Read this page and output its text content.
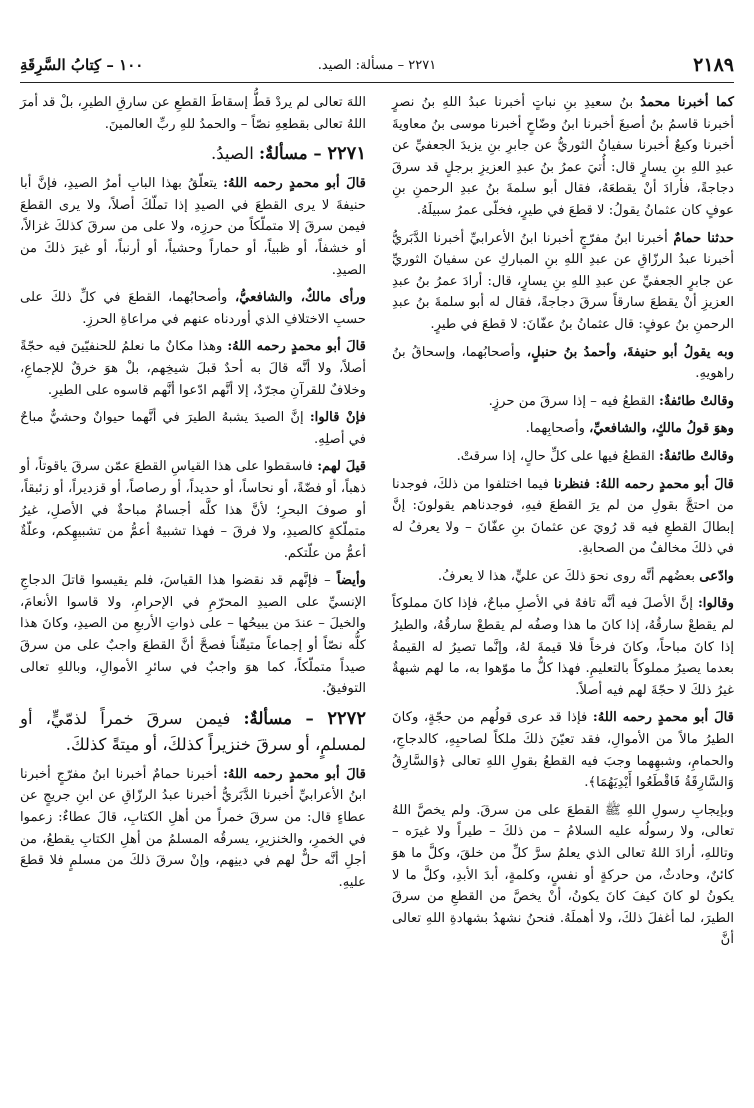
٢١٨٩
٢٢٧١ – مسألة: الصيد.
١٠٠ – كِتابُ السَّرِقَةِ

كما أخبرنا محمدُ بنُ سعيدِ بنِ نباتٍ أخبرنا عبدُ اللهِ بنُ نصرٍ أخبرنا قاسمُ بنُ أصبغَ أخبرنا ابنُ وضّاحٍ أخبرنا موسى بنُ معاويةَ أخبرنا وكيعٌ أخبرنا سفيانُ الثوريُّ عن جابرِ بنِ يزيدَ الجعفيِّ عن عبدِ اللهِ بنِ يسارٍ قال: أُتيَ عمرُ بنُ عبدِ العزيزِ برجلٍ قد سرقَ دجاجةً، فأرادَ أنْ يقطعَهُ، فقال أبو سلمةَ بنُ عبدِ الرحمنِ بنِ عوفٍ كان عثمانُ يقولُ: لا قطعَ في طيرٍ، فخلّى عمرُ سبيلَهُ.

حدثنا حمامٌ أخبرنا ابنُ مفرّجٍ أخبرنا ابنُ الأعرابيِّ أخبرنا الدَّبَريُّ أخبرنا عبدُ الرزّاقِ عن عبدِ اللهِ بنِ المباركِ عن سفيانَ الثوريِّ عن جابرٍ الجعفيِّ عن عبدِ اللهِ بنِ يسارٍ، قال: أرادَ عمرُ بنُ عبدِ العزيزِ أنْ يقطعَ سارقاً سرقَ دجاجةً، فقال له أبو سلمةَ بنُ عبدِ الرحمنِ بنُ عوفٍ: قال عثمانُ بنُ عفّانَ: لا قطعَ في طيرٍ.

وبه يقولُ أبو حنيفةَ، وأحمدُ بنُ حنبلٍ، وأصحابُهما، وإسحاقُ بنُ راهويهِ.

وقالتْ طائفةٌ: القطعُ فيه – إذا سرقَ من حرزٍ.

وهوَ قولُ مالكٍ، والشافعيِّ، وأصحابِهما.

وقالتْ طائفةٌ: القطعُ فيها على كلِّ حالٍ، إذا سرقتْ.

قالَ أبو محمدٍ رحمه اللهُ: فنظرنا فيما اختلفوا من ذلكَ، فوجدنا من احتجَّ بقولِ من لم يرَ القطعَ فيهِ، فوجدناهم يقولونَ: إنَّ إبطالَ القطعِ فيه قد رُويَ عن عثمانَ بنِ عفّانَ – ولا يعرفُ له في ذلكَ مخالفٌ من الصحابةِ.

وادّعى بعضُهم أنَّه روى نحوَ ذلكَ عن عليٍّ، هذا لا يعرفُ.

وقالوا: إنَّ الأصلَ فيه أنَّه تافهٌ في الأصلِ مباحٌ، فإذا كانَ مملوكاً لم يقطعْ سارقُهُ، إذا كانَ ما هذا وصفُه لم يقطعْ سارقُهُ، والطيرُ إذا كانَ مباحاً، وكانَ فرخاً فلا قيمةَ لهُ، وإنَّما تصيرُ له القيمةُ بعدما يصيرُ مملوكاً بالتعليمِ. فهذا كلُّ ما موّهوا به، ما لهم شبهةٌ غيرُ ذلكَ لا حجّةَ لهم فيه أصلاً.

قالَ أبو محمدٍ رحمه اللهُ: فإذا قد عرى قولُهم من حجّةٍ، وكانَ الطيرُ مالاً من الأموالِ، فقد تعيّنَ ذلكَ ملكاً لصاحبِهِ، كالدجاجِ، والحمامِ، وشبهِهما وجبَ فيه القطعُ بقولِ اللهِ تعالى ﴿وَالسَّارِقُ وَالسَّارِقَةُ فَاقْطَعُوا أَيْدِيَهُمَا﴾.

وبإيجابِ رسولِ اللهِ ﷺ القطعَ على من سرقَ. ولم يخصَّ اللهُ تعالى، ولا رسولُه عليه السلامُ – من ذلكَ – طيراً ولا غيرَه – وتاللهِ، أرادَ اللهُ تعالى الذي يعلمُ سرَّ كلِّ من خلقَ، وكلَّ ما هوَ كائنٌ، وحادثٌ، من حركةٍ أو نفسٍ، وكلمةٍ، أبدَ الأبدِ، وكلَّ ما لا يكونُ لو كانَ كيفَ كانَ يكونُ، أنْ يخصَّ من القطعِ من سرقَ الطيرَ، لما أغفلَ ذلكَ، ولا أهملَهُ. فنحنُ نشهدُ بشهادةِ اللهِ تعالى أنَّ

اللهَ تعالى لم يردْ قطُّ إسقاطَ القطعِ عن سارقِ الطيرِ، بلْ قد أمرَ اللهُ تعالى بقطعِهِ نصّاً – والحمدُ للهِ ربِّ العالمينَ.

٢٢٧١ – مسألةٌ: الصيدُ.

قالَ أبو محمدٍ رحمه اللهُ: يتعلّقُ بهذا البابِ أمرُ الصيدِ، فإنَّ أبا حنيفةَ لا يرى القطعَ في الصيدِ إذا تملّكَ أصلاً، ولا يرى القطعَ فيمن سرقَ إلا متملّكاً من حرزِه، ولا على من سرقَ كذلكَ غزالاً، أو خشفاً، أو ظبياً، أو حماراً وحشياً، أو أرنباً، أو غيرَ ذلكَ من الصيدِ.

ورأى مالكٌ، والشافعيُّ، وأصحابُهما، القطعَ في كلِّ ذلكَ على حسبِ الاختلافِ الذي أوردناه عنهم في مراعاةِ الحرزِ.

قالَ أبو محمدٍ رحمه اللهُ: وهذا مكانٌ ما نعلمُ للحنفيّينَ فيه حجّةً أصلاً، ولا أنَّه قالَ به أحدٌ قبلَ شيخِهم، بلْ هوَ خرقٌ للإجماعِ، وخلافٌ للقرآنِ مجرّدٌ، إلا أنَّهم ادّعوا أنَّهم قاسوه على الطيرِ.

فإنْ قالوا: إنَّ الصيدَ يشبهُ الطيرَ في أنَّهما حيوانٌ وحشيٌّ مباحٌ في أصلِهِ.

قيلَ لهم: فاسقطوا على هذا القياسِ القطعَ عمّن سرقَ ياقوتاً، أو ذهباً، أو فضّةً، أو نحاساً، أو حديداً، أو رصاصاً، أو قزديراً، أو زئبقاً، أو صوفَ البحرِ؛ لأنَّ هذا كلَّه أجسامٌ مباحةٌ في الأصلِ، غيرُ متملّكةٍ كالصيدِ، ولا فرقَ – فهذا تشبيهٌ أعمُّ من تشبيهِكم، وعلّةٌ أعمُّ من علّتكم.

وأيضاً – فإنَّهم قد نقضوا هذا القياسَ، فلم يقيسوا قاتلَ الدجاجِ الإنسيِّ على الصيدِ المحرّمِ في الإحرامِ، ولا قاسوا الأنعامَ، والخيلَ – عندَ من يبيحُها – على ذواتِ الأربعِ من الصيدِ، وكانَ هذا كلُّه نصّاً أو إجماعاً متيقّناً فصحَّ أنَّ القطعَ واجبٌ على من سرقَ صيداً متملّكاً، كما هوَ واجبٌ في سائرِ الأموالِ، وباللهِ تعالى التوفيقُ.

٢٢٧٢ – مسألةٌ: فيمن سرقَ خمراً لذمّيٍّ، أو لمسلمٍ، أو سرقَ خنزيراً كذلكَ، أو ميتةً كذلكَ.

قالَ أبو محمدٍ رحمه اللهُ: أخبرنا حمامٌ أخبرنا ابنُ مفرّجٍ أخبرنا ابنُ الأعرابيِّ أخبرنا الدَّبَريُّ أخبرنا عبدُ الرزّاقِ عن ابنِ جريجٍ عن عطاءٍ قال: من سرقَ خمراً من أهلِ الكتابِ، قالَ عطاءٌ: زعموا في الخمرِ، والخنزيرِ، يسرقُه المسلمُ من أهلِ الكتابِ يقطعُ، من أجلِ أنَّه حلٌّ لهم في دينِهم، وإنْ سرقَ ذلكَ من مسلمٍ فلا قطعَ عليهِ.
